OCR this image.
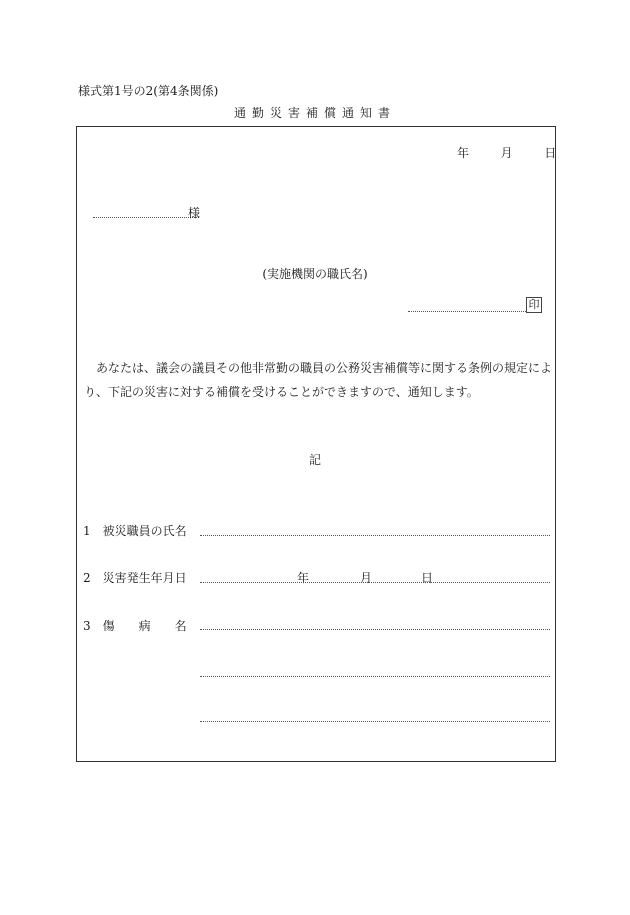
様式第1号の2(第4条関係)
通勤災害補償通知書
年	月	日
様
(実施機関の職氏名)
印
あなたは、議会の議員その他非常勤の職員の公務災害補償等に関する条例の規定によ
り、下記の災害に対する補償を受けることができますので、通知します。
記
1 被災職員の氏名
2 災害発生年月日	年	月	日
3 傷　　病　　名
